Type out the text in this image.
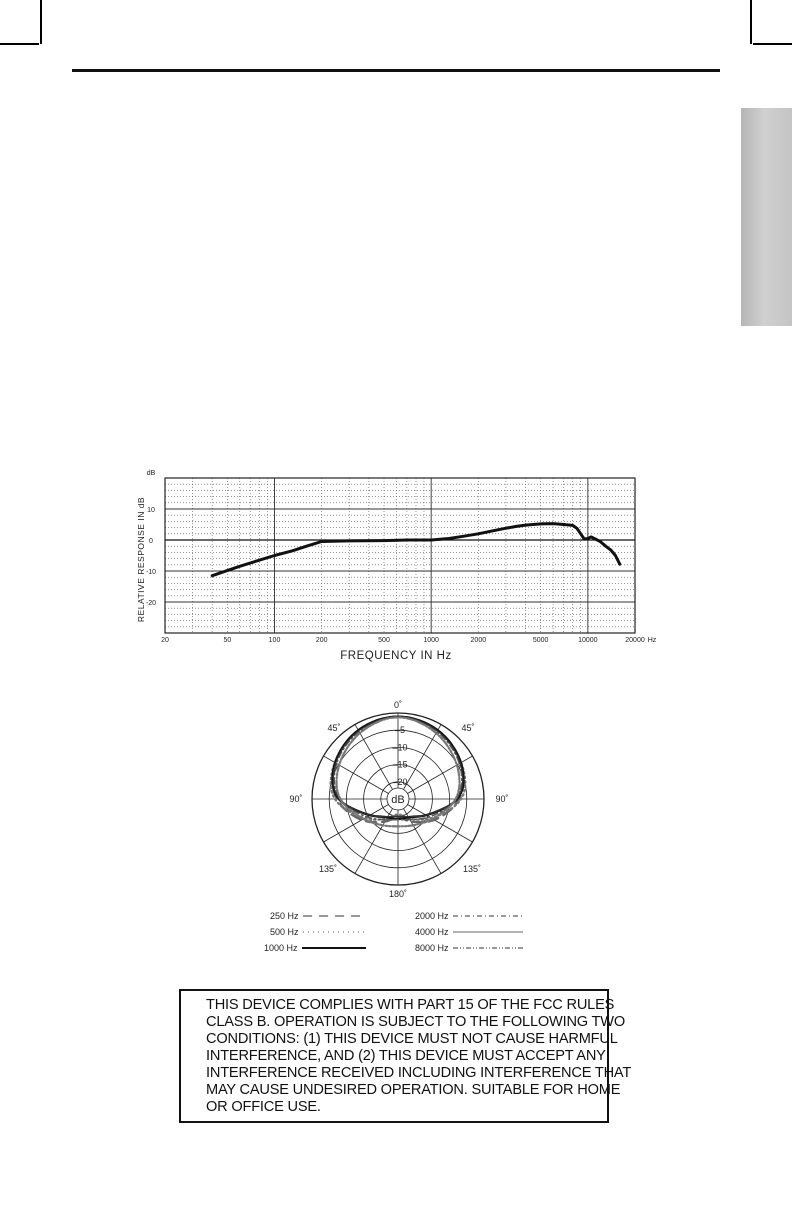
10
0
-10
-20
dB
20	50	100	200	500	1000	2000	5000	10000	20000 Hz
FREQUENCY IN Hz
RELATIVE RESPONSE IN dB
dB
–5
–10
–15
–20
0˚
45˚	45˚
90˚	90˚
135˚	135˚
180˚
250 Hz
500 Hz
1000 Hz
2000 Hz
4000 Hz
8000 Hz
THIS DEVICE COMPLIES WITH PART 15 OF THE FCC RULES
CLASS B. OPERATION IS SUBJECT TO THE FOLLOWING TWO
CONDITIONS: (1) THIS DEVICE MUST NOT CAUSE HARMFUL
INTERFERENCE, AND (2) THIS DEVICE MUST ACCEPT ANY
INTERFERENCE RECEIVED INCLUDING INTERFERENCE THAT
MAY CAUSE UNDESIRED OPERATION. SUITABLE FOR HOME
OR OFFICE USE.
